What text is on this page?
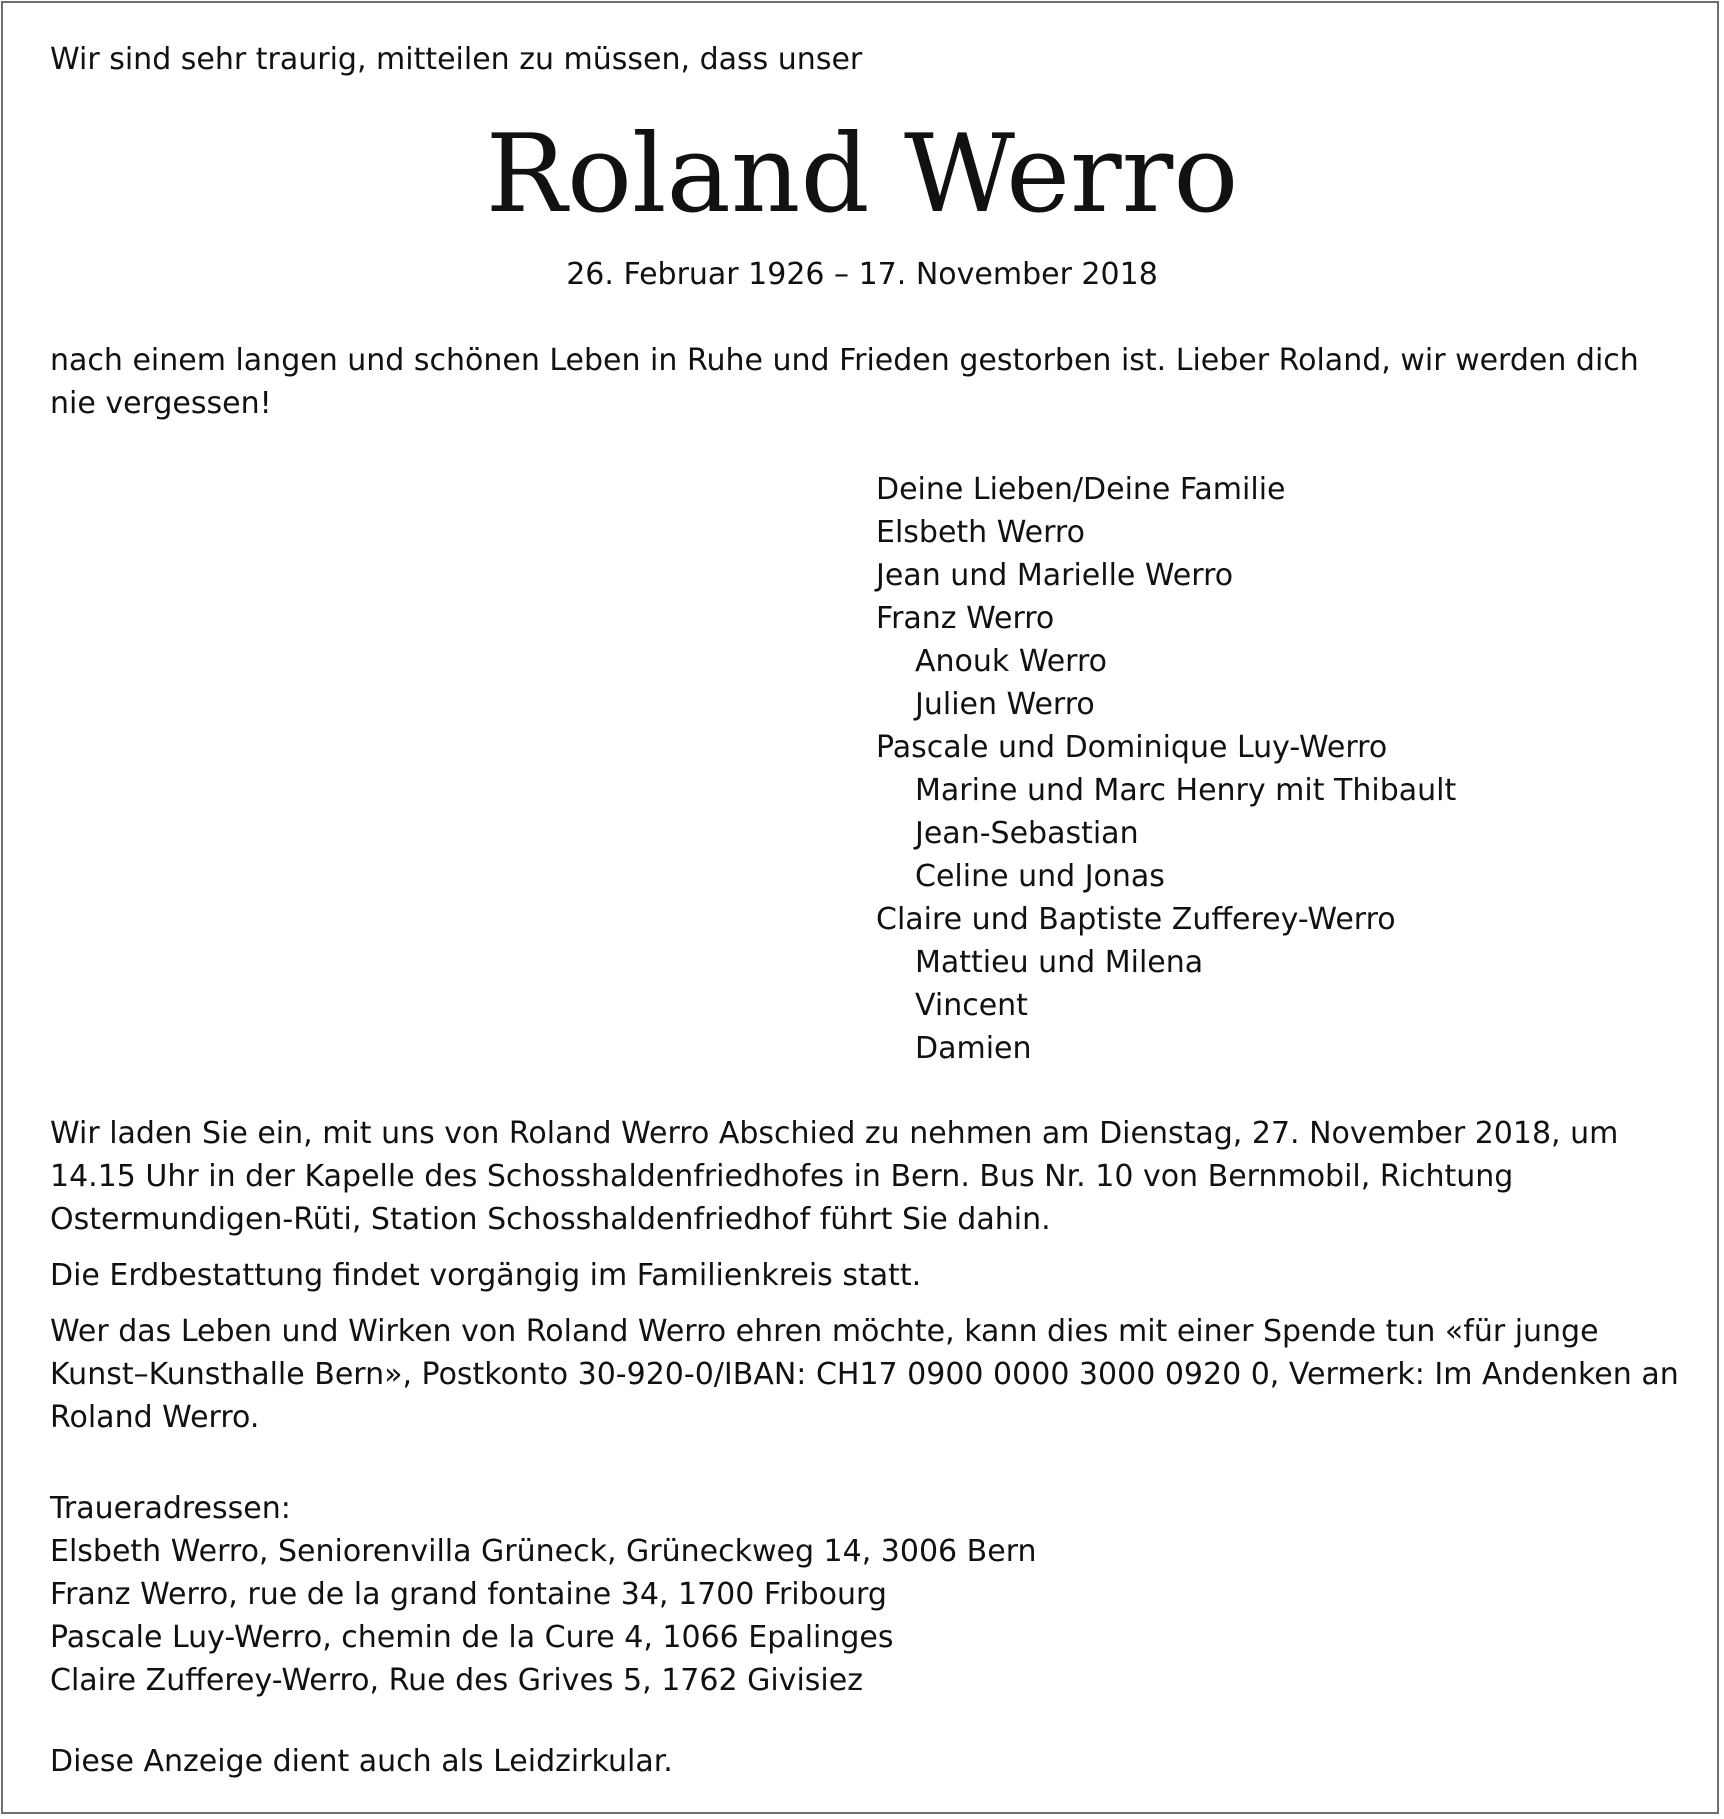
Wir sind sehr traurig, mitteilen zu müssen, dass unser
Roland Werro
26. Februar 1926 – 17. November 2018
nach einem langen und schönen Leben in Ruhe und Frieden gestorben ist. Lieber Roland, wir werden dich nie vergessen!
Deine Lieben/Deine Familie
Elsbeth Werro
Jean und Marielle Werro
Franz Werro
Anouk Werro
Julien Werro
Pascale und Dominique Luy-Werro
Marine und Marc Henry mit Thibault
Jean-Sebastian
Celine und Jonas
Claire und Baptiste Zufferey-Werro
Mattieu und Milena
Vincent
Damien
Wir laden Sie ein, mit uns von Roland Werro Abschied zu nehmen am Dienstag, 27. November 2018, um 14.15 Uhr in der Kapelle des Schosshaldenfriedhofes in Bern. Bus Nr. 10 von Bernmobil, Richtung Ostermundigen-Rüti, Station Schosshaldenfriedhof führt Sie dahin.
Die Erdbestattung findet vorgängig im Familienkreis statt.
Wer das Leben und Wirken von Roland Werro ehren möchte, kann dies mit einer Spende tun «für junge Kunst–Kunsthalle Bern», Postkonto 30-920-0/IBAN: CH17 0900 0000 3000 0920 0, Vermerk: Im Andenken an Roland Werro.
Traueradressen:
Elsbeth Werro, Seniorenvilla Grüneck, Grüneckweg 14, 3006 Bern
Franz Werro, rue de la grand fontaine 34, 1700 Fribourg
Pascale Luy-Werro, chemin de la Cure 4, 1066 Epalinges
Claire Zufferey-Werro, Rue des Grives 5, 1762 Givisiez
Diese Anzeige dient auch als Leidzirkular.
